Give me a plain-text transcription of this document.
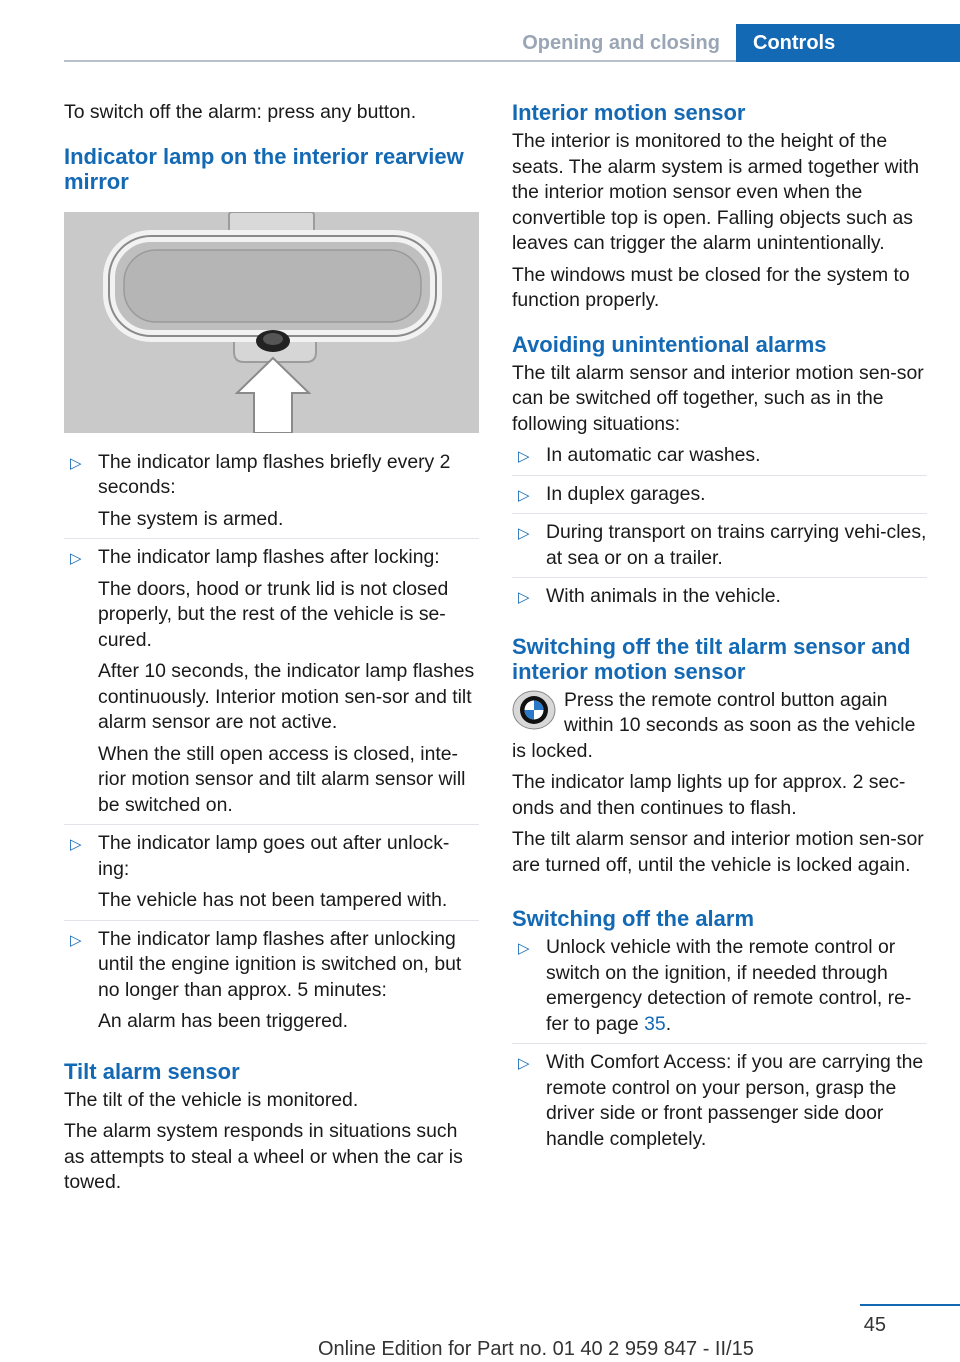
Opening and closing	Controls

To switch off the alarm: press any button.

Indicator lamp on the interior rearview mirror
▷ The indicator lamp flashes briefly every 2 seconds:

The system is armed.

▷ The indicator lamp flashes after locking:

The doors, hood or trunk lid is not closed properly, but the rest of the vehicle is se-cured.

After 10 seconds, the indicator lamp flashes continuously. Interior motion sen-sor and tilt alarm sensor are not active.

When the still open access is closed, inte-rior motion sensor and tilt alarm sensor will be switched on.

▷ The indicator lamp goes out after unlock-ing:

The vehicle has not been tampered with.

▷ The indicator lamp flashes after unlocking until the engine ignition is switched on, but no longer than approx. 5 minutes:

An alarm has been triggered.

Tilt alarm sensor

The tilt of the vehicle is monitored.

The alarm system responds in situations such as attempts to steal a wheel or when the car is towed.

Interior motion sensor

The interior is monitored to the height of the seats. The alarm system is armed together with the interior motion sensor even when the convertible top is open. Falling objects such as leaves can trigger the alarm unintentionally.

The windows must be closed for the system to function properly.

Avoiding unintentional alarms

The tilt alarm sensor and interior motion sen-sor can be switched off together, such as in the following situations:

▷ In automatic car washes.

▷ In duplex garages.

▷ During transport on trains carrying vehi-cles, at sea or on a trailer.

▷ With animals in the vehicle.

Switching off the tilt alarm sensor and interior motion sensor
Press the remote control button again within 10 seconds as soon as the vehicle is locked.

The indicator lamp lights up for approx. 2 sec-onds and then continues to flash.

The tilt alarm sensor and interior motion sen-sor are turned off, until the vehicle is locked again.

Switching off the alarm
▷ Unlock vehicle with the remote control or switch on the ignition, if needed through emergency detection of remote control, re-fer to page 35.

▷ With Comfort Access: if you are carrying the remote control on your person, grasp the driver side or front passenger side door handle completely.

45
Online Edition for Part no. 01 40 2 959 847 - II/15
